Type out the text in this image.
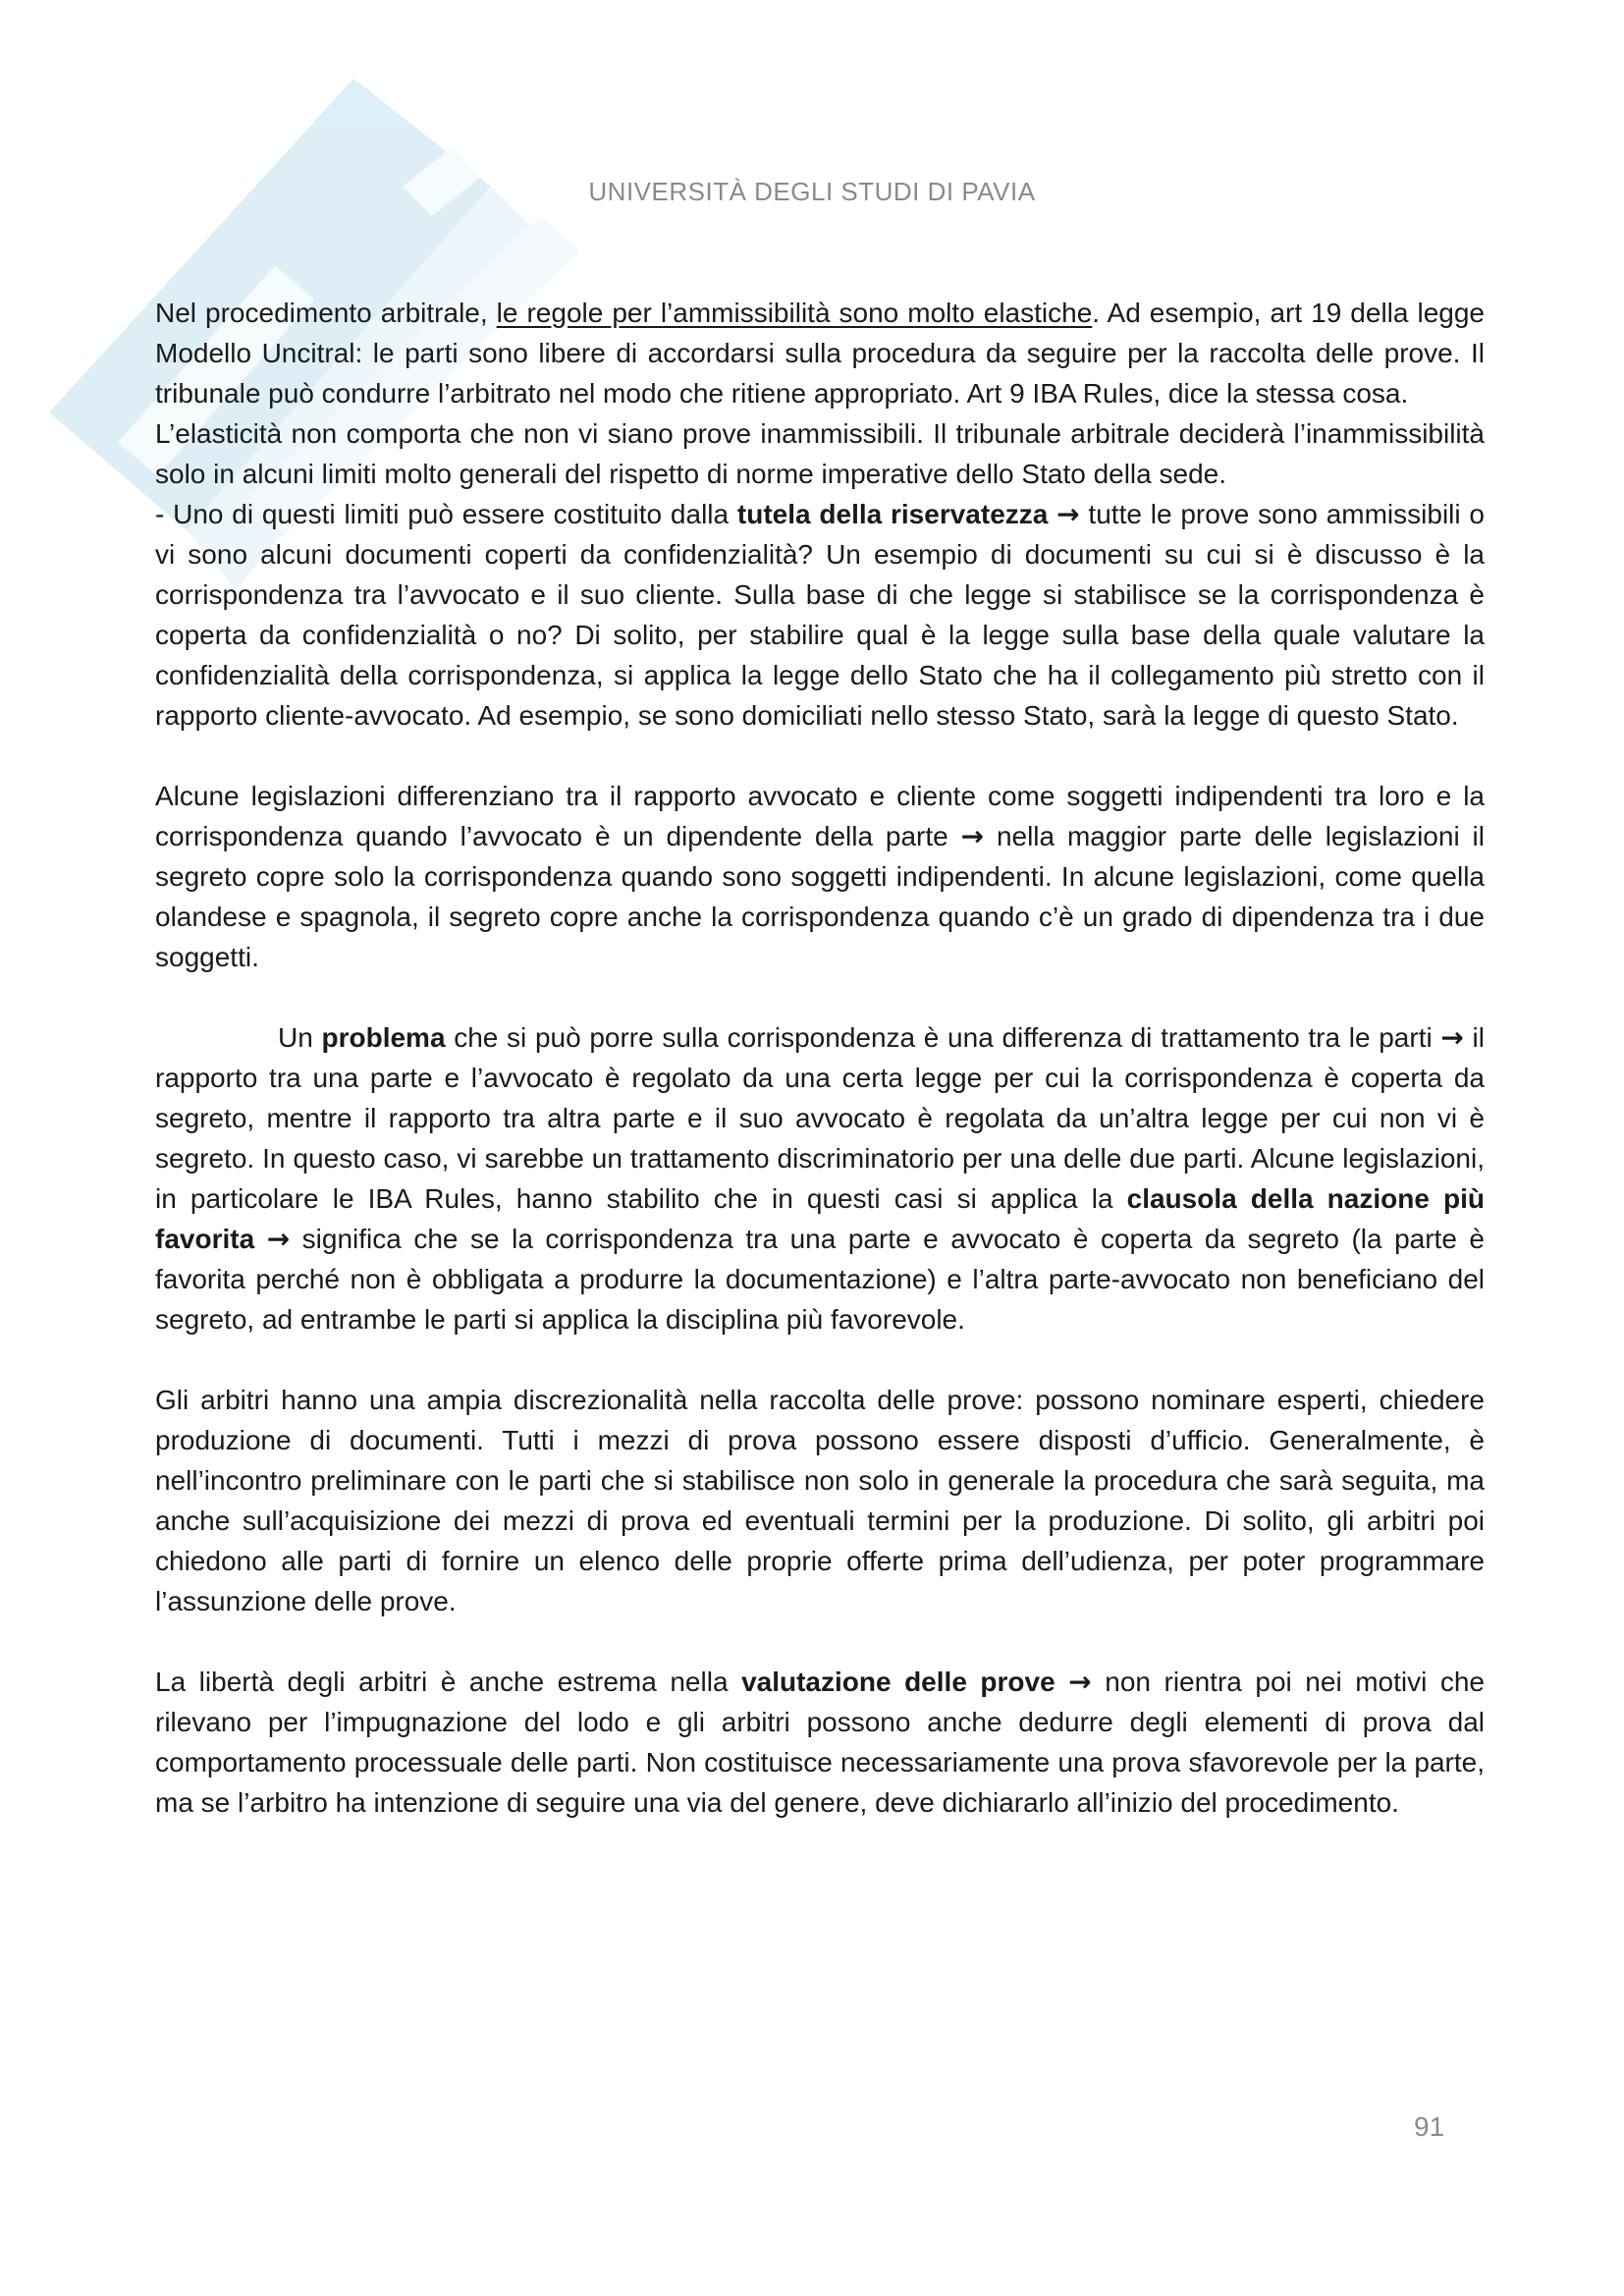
UNIVERSITÀ DEGLI STUDI DI PAVIA

Nel procedimento arbitrale, le regole per l’ammissibilità sono molto elastiche. Ad esempio, art 19 della legge Modello Uncitral: le parti sono libere di accordarsi sulla procedura da seguire per la raccolta delle prove. Il tribunale può condurre l’arbitrato nel modo che ritiene appropriato. Art 9 IBA Rules, dice la stessa cosa.

L’elasticità non comporta che non vi siano prove inammissibili. Il tribunale arbitrale deciderà l’inammissibilità solo in alcuni limiti molto generali del rispetto di norme imperative dello Stato della sede.

- Uno di questi limiti può essere costituito dalla tutela della riservatezza → tutte le prove sono ammissibili o vi sono alcuni documenti coperti da confidenzialità? Un esempio di documenti su cui si è discusso è la corrispondenza tra l’avvocato e il suo cliente. Sulla base di che legge si stabilisce se la corrispondenza è coperta da confidenzialità o no? Di solito, per stabilire qual è la legge sulla base della quale valutare la confidenzialità della corrispondenza, si applica la legge dello Stato che ha il collegamento più stretto con il rapporto cliente-avvocato. Ad esempio, se sono domiciliati nello stesso Stato, sarà la legge di questo Stato.

Alcune legislazioni differenziano tra il rapporto avvocato e cliente come soggetti indipendenti tra loro e la corrispondenza quando l’avvocato è un dipendente della parte → nella maggior parte delle legislazioni il segreto copre solo la corrispondenza quando sono soggetti indipendenti. In alcune legislazioni, come quella olandese e spagnola, il segreto copre anche la corrispondenza quando c’è un grado di dipendenza tra i due soggetti.

Un problema che si può porre sulla corrispondenza è una differenza di trattamento tra le parti → il rapporto tra una parte e l’avvocato è regolato da una certa legge per cui la corrispondenza è coperta da segreto, mentre il rapporto tra altra parte e il suo avvocato è regolata da un’altra legge per cui non vi è segreto. In questo caso, vi sarebbe un trattamento discriminatorio per una delle due parti. Alcune legislazioni, in particolare le IBA Rules, hanno stabilito che in questi casi si applica la clausola della nazione più favorita → significa che se la corrispondenza tra una parte e avvocato è coperta da segreto (la parte è favorita perché non è obbligata a produrre la documentazione) e l’altra parte-avvocato non beneficiano del segreto, ad entrambe le parti si applica la disciplina più favorevole.

Gli arbitri hanno una ampia discrezionalità nella raccolta delle prove: possono nominare esperti, chiedere produzione di documenti. Tutti i mezzi di prova possono essere disposti d’ufficio. Generalmente, è nell’incontro preliminare con le parti che si stabilisce non solo in generale la procedura che sarà seguita, ma anche sull’acquisizione dei mezzi di prova ed eventuali termini per la produzione. Di solito, gli arbitri poi chiedono alle parti di fornire un elenco delle proprie offerte prima dell’udienza, per poter programmare l’assunzione delle prove.

La libertà degli arbitri è anche estrema nella valutazione delle prove → non rientra poi nei motivi che rilevano per l’impugnazione del lodo e gli arbitri possono anche dedurre degli elementi di prova dal comportamento processuale delle parti. Non costituisce necessariamente una prova sfavorevole per la parte, ma se l’arbitro ha intenzione di seguire una via del genere, deve dichiararlo all’inizio del procedimento.

91
